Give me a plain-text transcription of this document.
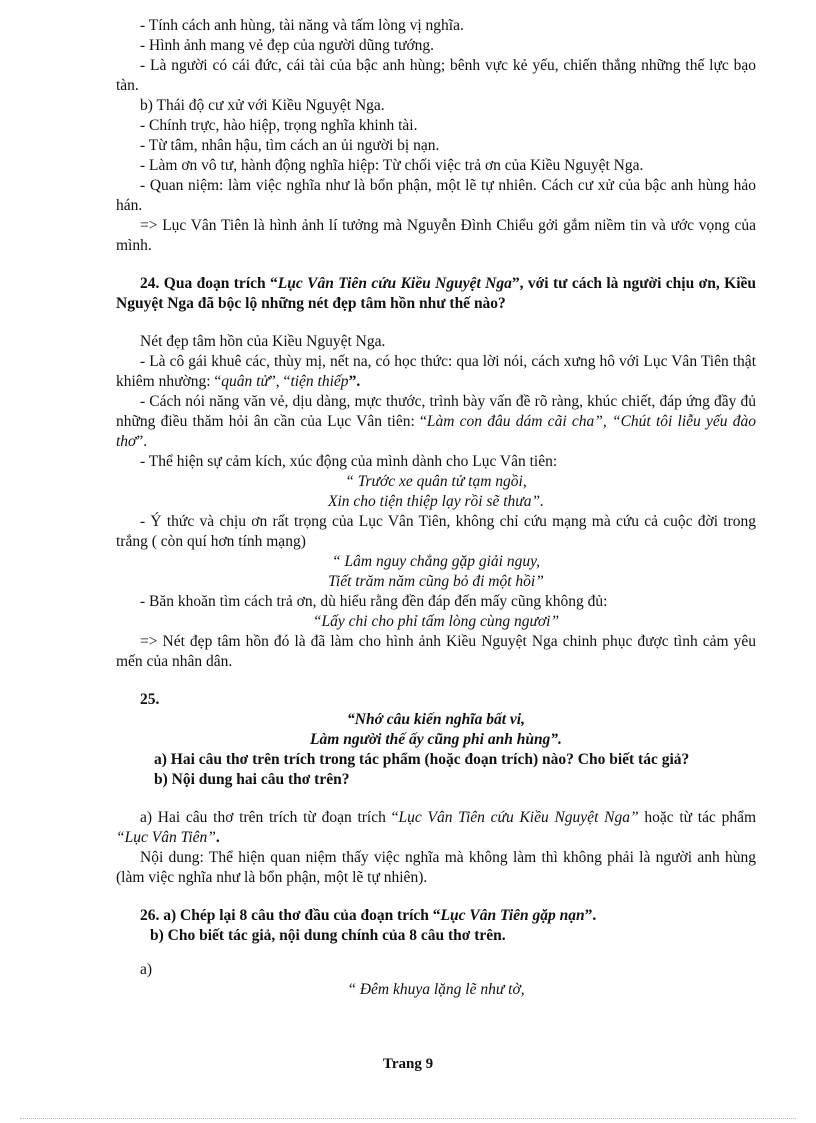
- Tính cách anh hùng, tài năng và tấm lòng vị nghĩa.

- Hình ảnh mang vẻ đẹp của người dũng tướng.

- Là người có cái đức, cái tài của bậc anh hùng; bênh vực kẻ yếu, chiến thắng những thế lực bạo tàn.

b) Thái độ cư xử với Kiều Nguyệt Nga.

- Chính trực, hào hiệp, trọng nghĩa khinh tài.

- Từ tâm, nhân hậu, tìm cách an ủi người bị nạn.

- Làm ơn vô tư, hành động nghĩa hiệp: Từ chối việc trả ơn của Kiều Nguyệt Nga.

- Quan niệm: làm việc nghĩa như là bổn phận, một lẽ tự nhiên. Cách cư xử của bậc anh hùng hảo hán.

=> Lục Vân Tiên là hình ảnh lí tưởng mà Nguyễn Đình Chiểu gởi gắm niềm tin và ước vọng của mình.

24. Qua đoạn trích “Lục Vân Tiên cứu Kiều Nguyệt Nga”, với tư cách là người chịu ơn, Kiều Nguyệt Nga đã bộc lộ những nét đẹp tâm hồn như thế nào?

Nét đẹp tâm hồn của Kiều Nguyệt Nga.

- Là cô gái khuê các, thùy mị, nết na, có học thức: qua lời nói, cách xưng hô với Lục Vân Tiên thật khiêm nhường: “quân tử”, “tiện thiếp”.

- Cách nói năng văn vẻ, dịu dàng, mực thước, trình bày vấn đề rõ ràng, khúc chiết, đáp ứng đầy đủ những điều thăm hỏi ân cần của Lục Vân tiên: “Làm con đâu dám cãi cha”, “Chút tôi liễu yếu đào thơ”.

- Thể hiện sự cảm kích, xúc động của mình dành cho Lục Vân tiên:

“ Trước xe quân tử tạm ngồi,

Xin cho tiện thiệp lạy rồi sẽ thưa”.

- Ý thức và chịu ơn rất trọng của Lục Vân Tiên, không chỉ cứu mạng mà cứu cả cuộc đời trong trắng ( còn quí hơn tính mạng)

“ Lâm nguy chẳng gặp giải nguy,

Tiết trăm năm cũng bỏ đi một hồi”

- Băn khoăn tìm cách trả ơn, dù hiểu rằng đền đáp đến mấy cũng không đủ:

“Lấy chi cho phỉ tấm lòng cùng ngươi”

=> Nét đẹp tâm hồn đó là đã làm cho hình ảnh Kiều Nguyệt Nga chinh phục được tình cảm yêu mến của nhân dân.

25.

“Nhớ câu kiến nghĩa bất vi,

Làm người thế ấy cũng phi anh hùng”.

a) Hai câu thơ trên trích trong tác phẩm (hoặc đoạn trích) nào? Cho biết tác giả?

b) Nội dung hai câu thơ trên?

a) Hai câu thơ trên trích từ đoạn trích “Lục Vân Tiên cứu Kiều Nguyệt Nga” hoặc từ tác phẩm “Lục Vân Tiên”.

Nội dung: Thể hiện quan niệm thấy việc nghĩa mà không làm thì không phải là người anh hùng (làm việc nghĩa như là bổn phận, một lẽ tự nhiên).

26. a) Chép lại 8 câu thơ đầu của đoạn trích “Lục Vân Tiên gặp nạn”.

b) Cho biết tác giả, nội dung chính của 8 câu thơ trên.

a)

“ Đêm khuya lặng lẽ như tờ,

Trang 9
